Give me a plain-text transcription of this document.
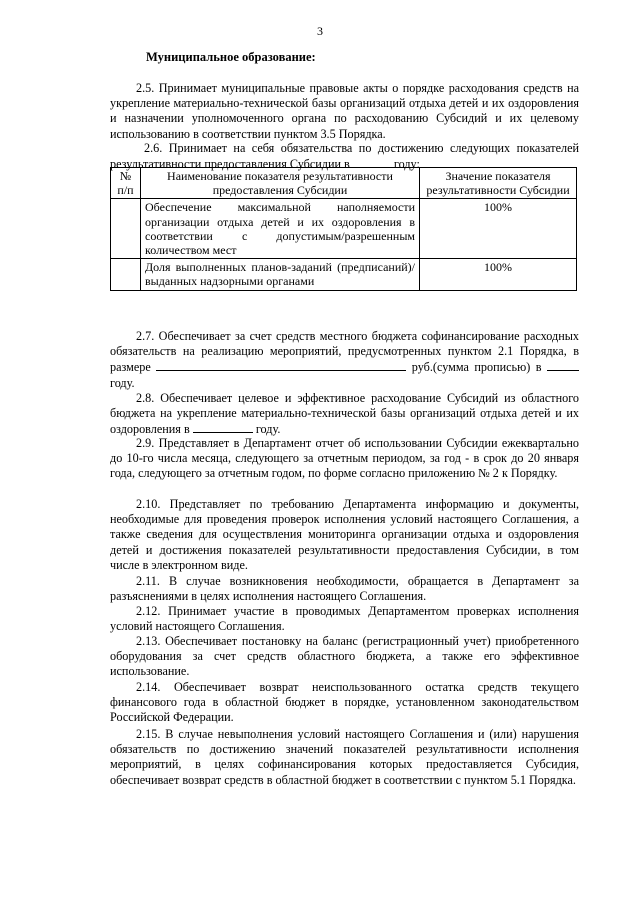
3
Муниципальное образование:
2.5. Принимает муниципальные правовые акты о порядке расходования средств на укрепление материально-технической базы организаций отдыха детей и их оздоровления и назначении уполномоченного органа по расходованию Субсидий и их целевому использованию в соответствии пунктом 3.5 Порядка.
2.6. Принимает на себя обязательства по достижению следующих показателей результативности предоставления Субсидии в	году:
№ п/п	Наименование показателя результативности предоставления Субсидии	Значение показателя результативности Субсидии
	Обеспечение максимальной наполняемости организации отдыха детей и их оздоровления в соответствии с допустимым/разрешенным количеством мест	100%
	Доля выполненных планов-заданий (предписаний)/выданных надзорными органами	100%
2.7. Обеспечивает за счет средств местного бюджета софинансирование расходных обязательств на реализацию мероприятий, предусмотренных пунктом 2.1 Порядка, в размере	руб.(сумма прописью) в  году.
2.8. Обеспечивает целевое и эффективное расходование Субсидий из областного бюджета на укрепление материально-технической базы организаций отдыха детей и их оздоровления в	году.
2.9. Представляет в Департамент отчет об использовании Субсидии ежеквартально до 10-го числа месяца, следующего за отчетным периодом, за год - в срок до 20 января года, следующего за отчетным годом, по форме согласно приложению № 2 к Порядку.
2.10. Представляет по требованию Департамента информацию и документы, необходимые для проведения проверок исполнения условий настоящего Соглашения, а также сведения для осуществления мониторинга организации отдыха и оздоровления детей и достижения показателей результативности предоставления Субсидии, в том числе в электронном виде.
2.11. В случае возникновения необходимости, обращается в Департамент за разъяснениями в целях исполнения настоящего Соглашения.
2.12. Принимает участие в проводимых Департаментом проверках исполнения условий настоящего Соглашения.
2.13. Обеспечивает постановку на баланс (регистрационный учет) приобретенного оборудования за счет средств областного бюджета, а также его эффективное использование.
2.14. Обеспечивает возврат неиспользованного остатка средств текущего финансового года в областной бюджет в порядке, установленном законодательством Российской Федерации.
2.15. В случае невыполнения условий настоящего Соглашения и (или) нарушения обязательств по достижению значений показателей результативности исполнения мероприятий, в целях софинансирования которых предоставляется Субсидия, обеспечивает возврат средств в областной бюджет в соответствии с пунктом 5.1 Порядка.
